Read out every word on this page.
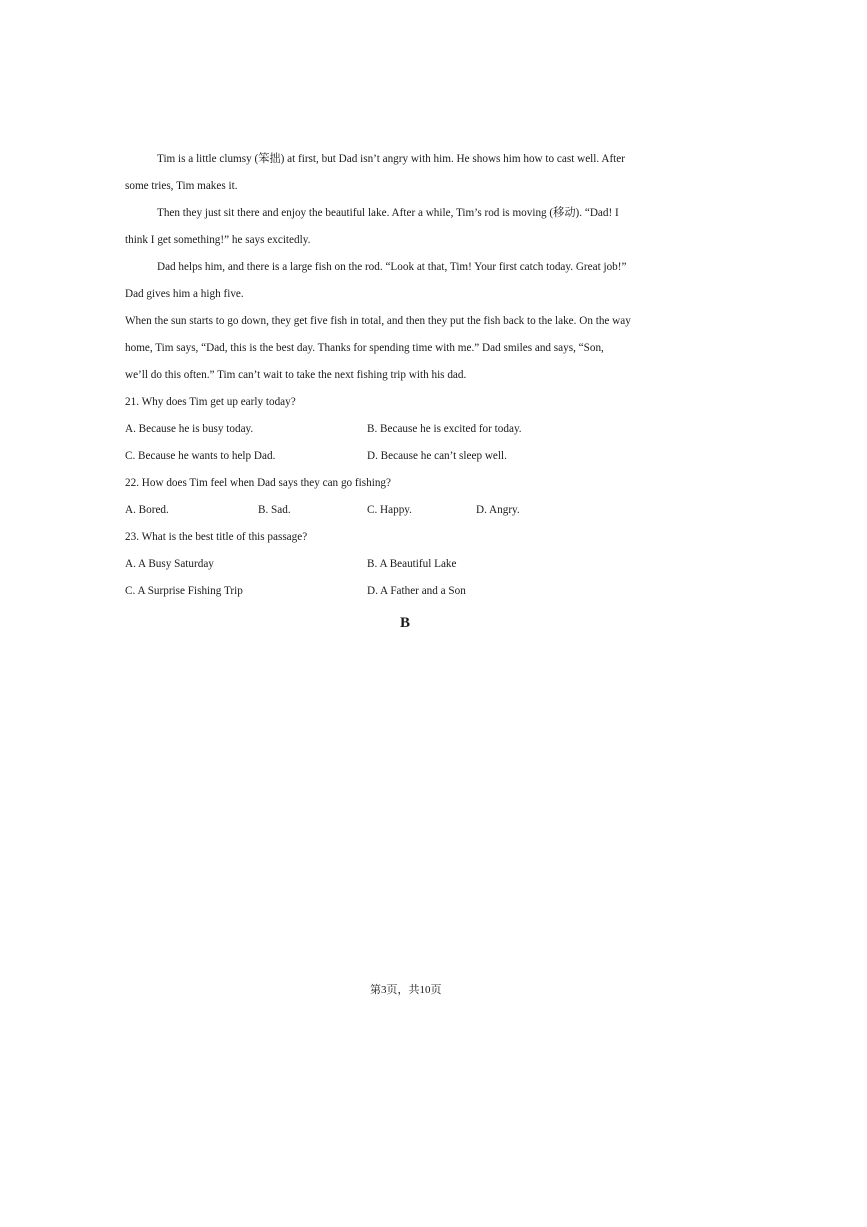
Tim is a little clumsy (笨拙) at first, but Dad isn’t angry with him. He shows him how to cast well. After
some tries, Tim makes it.
Then they just sit there and enjoy the beautiful lake. After a while, Tim’s rod is moving (移动). “Dad! I
think I get something!” he says excitedly.
Dad helps him, and there is a large fish on the rod. “Look at that, Tim! Your first catch today. Great job!”
Dad gives him a high five.
When the sun starts to go down, they get five fish in total, and then they put the fish back to the lake. On the way
home, Tim says, “Dad, this is the best day. Thanks for spending time with me.” Dad smiles and says, “Son,
we’ll do this often.” Tim can’t wait to take the next fishing trip with his dad.
21. Why does Tim get up early today?
A. Because he is busy today.	B. Because he is excited for today.
C. Because he wants to help Dad.	D. Because he can’t sleep well.
22. How does Tim feel when Dad says they can go fishing?
A. Bored.	B. Sad.	C. Happy.	D. Angry.
23. What is the best title of this passage?
A. A Busy Saturday	B. A Beautiful Lake
C. A Surprise Fishing Trip	D. A Father and a Son
B
第3页，共10页
